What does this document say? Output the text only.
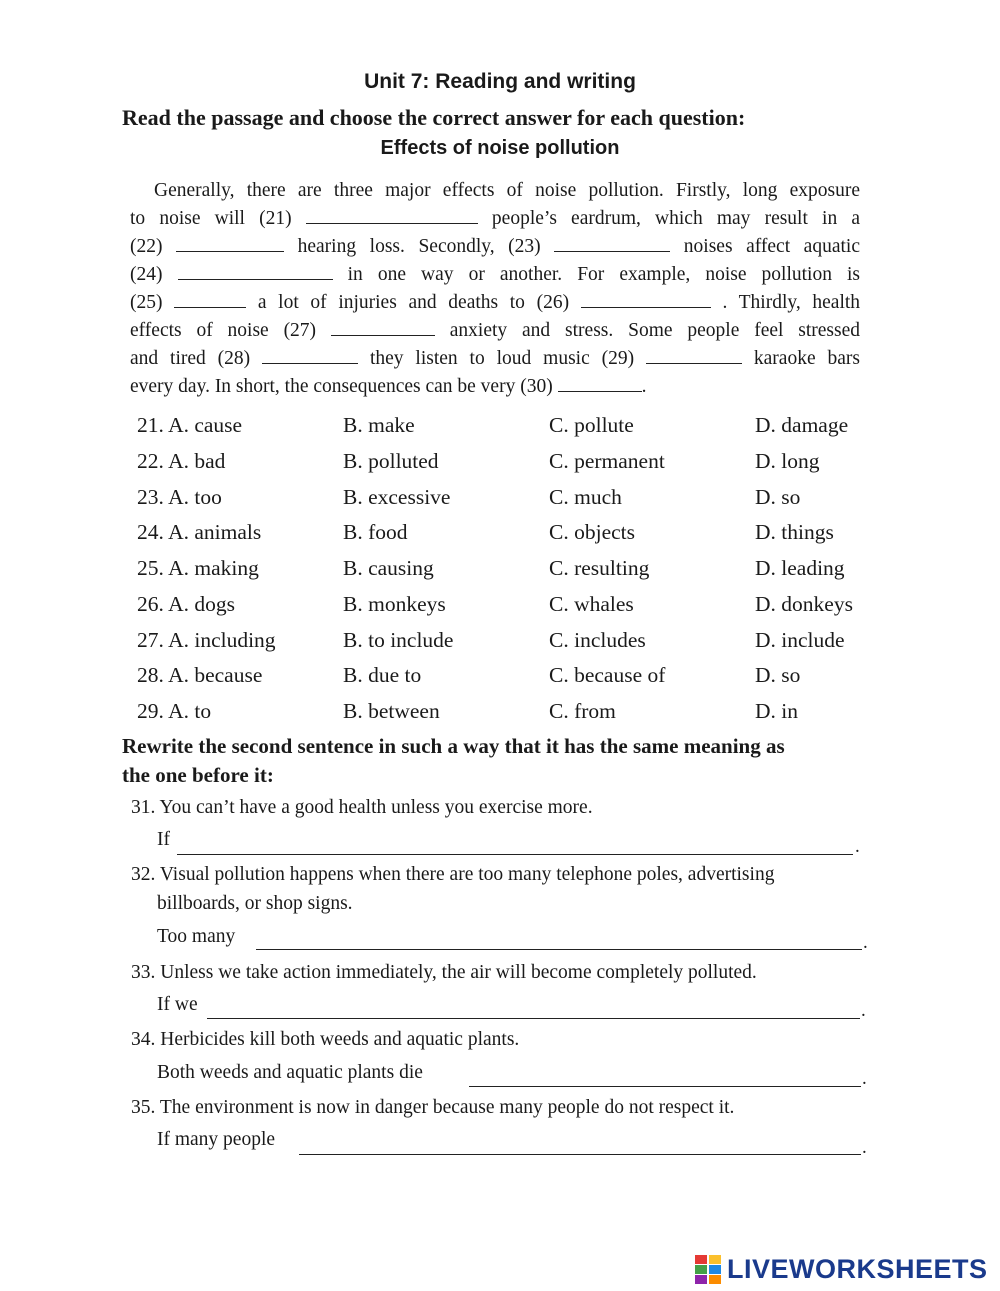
Unit 7: Reading and writing
Read the passage and choose the correct answer for each question:
Effects of noise pollution
Generally, there are three major effects of noise pollution. Firstly, long exposure
to noise will (21)	people’s eardrum, which may result in a
(22)	hearing loss. Secondly, (23)	noises affect aquatic
(24)	in one way or another. For example, noise pollution is
(25)	a lot of injuries and deaths to (26)	. Thirdly, health
effects of noise (27)	anxiety and stress. Some people feel stressed
and tired (28)	they listen to loud music (29)	karaoke bars
every day. In short, the consequences can be very (30)	.
21. A. cause	B. make	C. pollute	D. damage
22. A. bad	B. polluted	C. permanent	D. long
23. A. too	B. excessive	C. much	D. so
24. A. animals	B. food	C. objects	D. things
25. A. making	B. causing	C. resulting	D. leading
26. A. dogs	B. monkeys	C. whales	D. donkeys
27. A. including	B. to include	C. includes	D. include
28. A. because	B. due to	C. because of	D. so
29. A. to	B. between	C. from	D. in
Rewrite the second sentence in such a way that it has the same meaning as
the one before it:
31. You can’t have a good health unless you exercise more.
If	.
32. Visual pollution happens when there are too many telephone poles, advertising
billboards, or shop signs.
Too many	.
33. Unless we take action immediately, the air will become completely polluted.
If we	.
34. Herbicides kill both weeds and aquatic plants.
Both weeds and aquatic plants die	.
35. The environment is now in danger because many people do not respect it.
If many people	.
LIVEWORKSHEETS
